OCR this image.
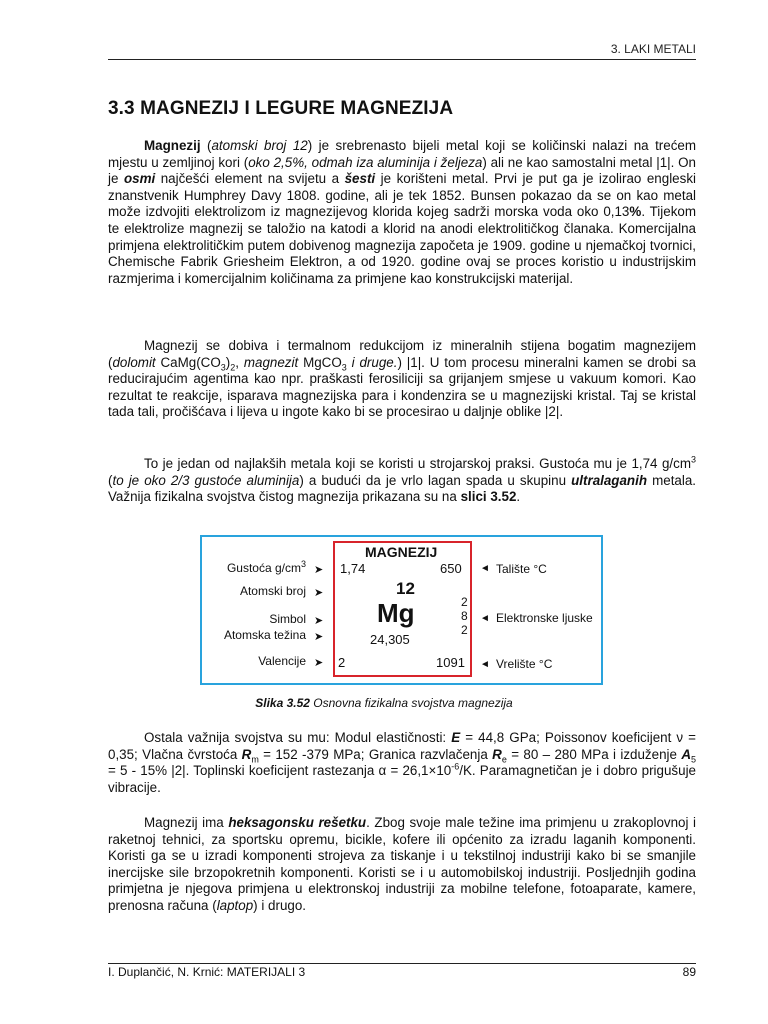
3. LAKI METALI
3.3 MAGNEZIJ I LEGURE MAGNEZIJA

Magnezij (atomski broj 12) je srebrenasto bijeli metal koji se količinski nalazi na trećem mjestu u zemljinoj kori (oko 2,5%, odmah iza aluminija i željeza) ali ne kao samostalni metal |1|. On je osmi najčešći element na svijetu a šesti je korišteni metal. Prvi je put ga je izolirao engleski znanstvenik Humphrey Davy 1808. godine, ali je tek 1852. Bunsen pokazao da se on kao metal može izdvojiti elektrolizom iz magnezijevog klorida kojeg sadrži morska voda oko 0,13%. Tijekom te elektrolize magnezij se taložio na katodi a klorid na anodi elektrolitičkog članaka. Komercijalna primjena elektrolitičkim putem dobivenog magnezija započeta je 1909. godine u njemačkoj tvornici, Chemische Fabrik Griesheim Elektron, a od 1920. godine ovaj se proces koristio u industrijskim razmjerima i komercijalnim količinama za primjene kao konstrukcijski materijal.

Magnezij se dobiva i termalnom redukcijom iz mineralnih stijena bogatim magnezijem (dolomit $CaMg(CO_3)_2$, magnezit MgCO$_3$ i druge.) |1|. U tom procesu mineralni kamen se drobi sa reducirajućim agentima kao npr. praškasti ferosiliciji sa grijanjem smjese u vakuum komori. Kao rezultat te reakcije, isparava magnezijska para i kondenzira se u magnezijski kristal. Taj se kristal tada tali, pročišćava i lijeva u ingote kako bi se procesirao u daljnje oblike |2|.

To je jedan od najlakših metala koji se koristi u strojarskoj praksi. Gustoća mu je 1,74 $g/cm^3$ (to je oko 2/3 gustoće aluminija) a budući da je vrlo lagan spada u skupinu ultralaganih metala. Važnija fizikalna svojstva čistog magnezija prikazana su na slici 3.52.

MAGNEZIJ
Gustoća $g/cm^3$ ➤ 1,74	650 ◄ Talište °C
Atomski broj ➤	12
2
8
2
Simbol ➤ Mg	◄ Elektronske ljuske
Atomska težina ➤	24,305
Valencije ➤ 2	1091 ◄ Vrelište °C
Slika 3.52 Osnovna fizikalna svojstva magnezija

Ostala važnija svojstva su mu: Modul elastičnosti: E = 44,8 GPa; Poissonov koeficijent ν = 0,35; Vlačna čvrstoća $R_m = 152$ -379 MPa; Granica razvlačenja $R_e = 80 - 280$ MPa i izduženje $A_5 = 5 - 15\%$ |2|. Toplinski koeficijent rastezanja $\alpha = 26,1\times 10^{-6}/K$. Paramagnetičan je i dobro prigušuje vibracije.

Magnezij ima heksagonsku rešetku. Zbog svoje male težine ima primjenu u zrakoplovnoj i raketnoj tehnici, za sportsku opremu, bicikle, kofere ili općenito za izradu laganih komponenti. Koristi ga se u izradi komponenti strojeva za tiskanje i u tekstilnoj industriji kako bi se smanjile inercijske sile brzopokretnih komponenti. Koristi se i u automobilskoj industriji. Posljednjih godina primjetna je njegova primjena u elektronskoj industriji za mobilne telefone, fotoaparate, kamere, prenosna računa (laptop) i drugo.

I. Duplančić, N. Krnić: MATERIJALI 3	89
